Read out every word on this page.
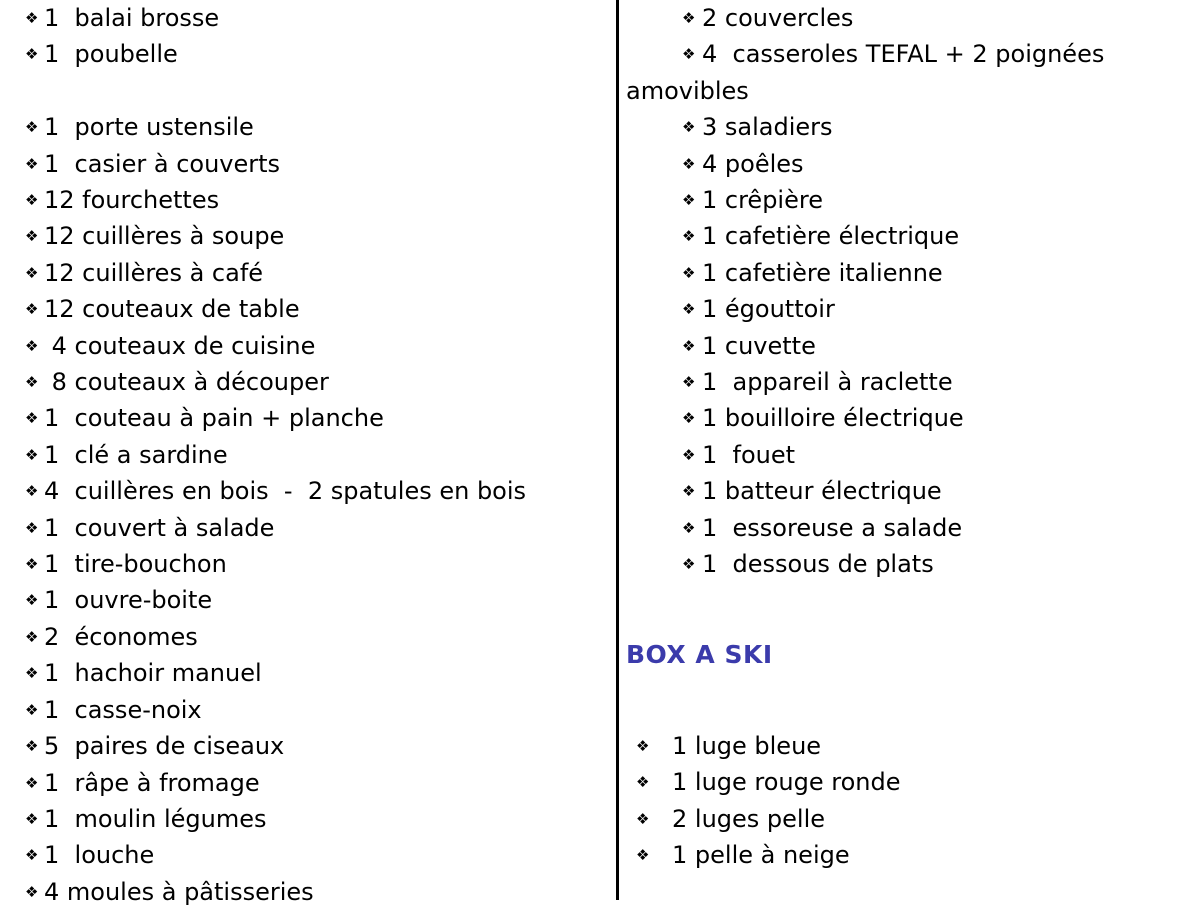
❖ 1  balai brosse
❖ 1  poubelle
❖ 1  porte ustensile
❖ 1  casier à couverts
❖ 12 fourchettes
❖ 12 cuillères à soupe
❖ 12 cuillères à café
❖ 12 couteaux de table
❖ 4 couteaux de cuisine
❖ 8 couteaux à découper
❖ 1  couteau à pain + planche
❖ 1  clé a sardine
❖ 4  cuillères en bois  -  2 spatules en bois
❖ 1  couvert à salade
❖ 1  tire-bouchon
❖ 1  ouvre-boite
❖ 2  économes
❖ 1  hachoir manuel
❖ 1  casse-noix
❖ 5  paires de ciseaux
❖ 1  râpe à fromage
❖ 1  moulin légumes
❖ 1  louche
❖ 4 moules à pâtisseries
❖ 2 couvercles
❖ 4  casseroles TEFAL + 2 poignées
amovibles
❖ 3 saladiers
❖ 4 poêles
❖ 1 crêpière
❖ 1 cafetière électrique
❖ 1 cafetière italienne
❖ 1 égouttoir
❖ 1 cuvette
❖ 1  appareil à raclette
❖ 1 bouilloire électrique
❖ 1  fouet
❖ 1 batteur électrique
❖ 1  essoreuse a salade
❖ 1  dessous de plats
BOX A SKI
❖ 1 luge bleue
❖ 1 luge rouge ronde
❖ 2 luges pelle
❖ 1 pelle à neige
